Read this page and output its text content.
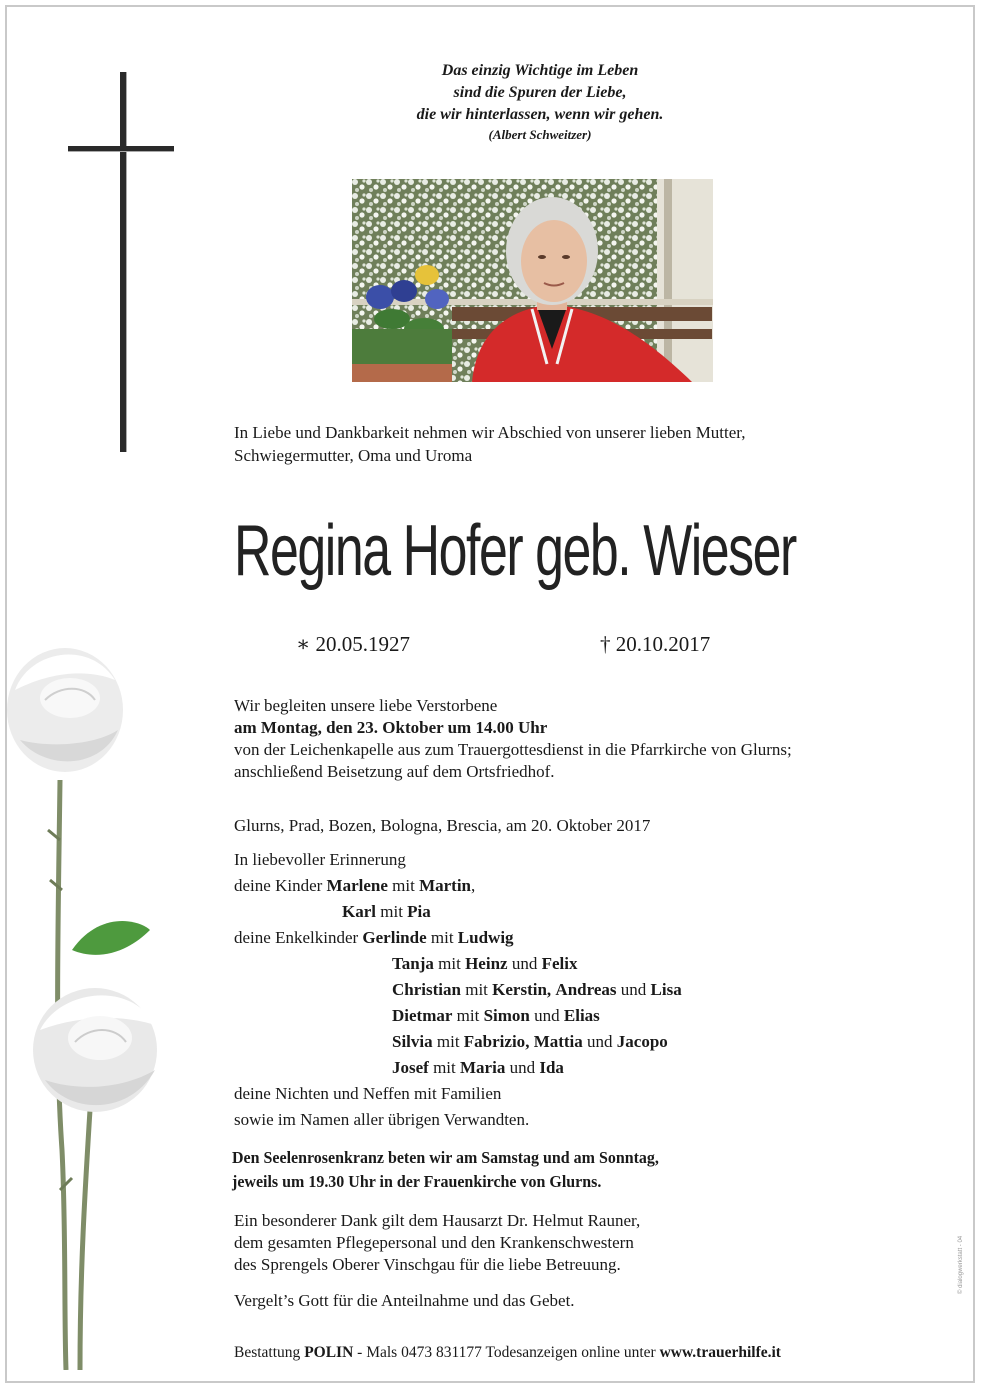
Das einzig Wichtige im Leben
sind die Spuren der Liebe,
die wir hinterlassen, wenn wir gehen.
(Albert Schweitzer)
In Liebe und Dankbarkeit nehmen wir Abschied von unserer lieben Mutter,
Schwiegermutter, Oma und Uroma
Regina Hofer geb. Wieser
∗ 20.05.1927	† 20.10.2017
Wir begleiten unsere liebe Verstorbene
am Montag, den 23. Oktober um 14.00 Uhr
von der Leichenkapelle aus zum Trauergottesdienst in die Pfarrkirche von Glurns;
anschließend Beisetzung auf dem Ortsfriedhof.
Glurns, Prad, Bozen, Bologna, Brescia, am 20. Oktober 2017
In liebevoller Erinnerung
deine Kinder Marlene mit Martin,
Karl mit Pia
deine Enkelkinder Gerlinde mit Ludwig
Tanja mit Heinz und Felix
Christian mit Kerstin, Andreas und Lisa
Dietmar mit Simon und Elias
Silvia mit Fabrizio, Mattia und Jacopo
Josef mit Maria und Ida
deine Nichten und Neffen mit Familien
sowie im Namen aller übrigen Verwandten.
Den Seelenrosenkranz beten wir am Samstag und am Sonntag,
jeweils um 19.30 Uhr in der Frauenkirche von Glurns.
Ein besonderer Dank gilt dem Hausarzt Dr. Helmut Rauner,
dem gesamten Pflegepersonal und den Krankenschwestern
des Sprengels Oberer Vinschgau für die liebe Betreuung.
Vergelt’s Gott für die Anteilnahme und das Gebet.
Bestattung POLIN - Mals 0473 831177 Todesanzeigen online unter www.trauerhilfe.it
© dialogwerkstatt - 04
